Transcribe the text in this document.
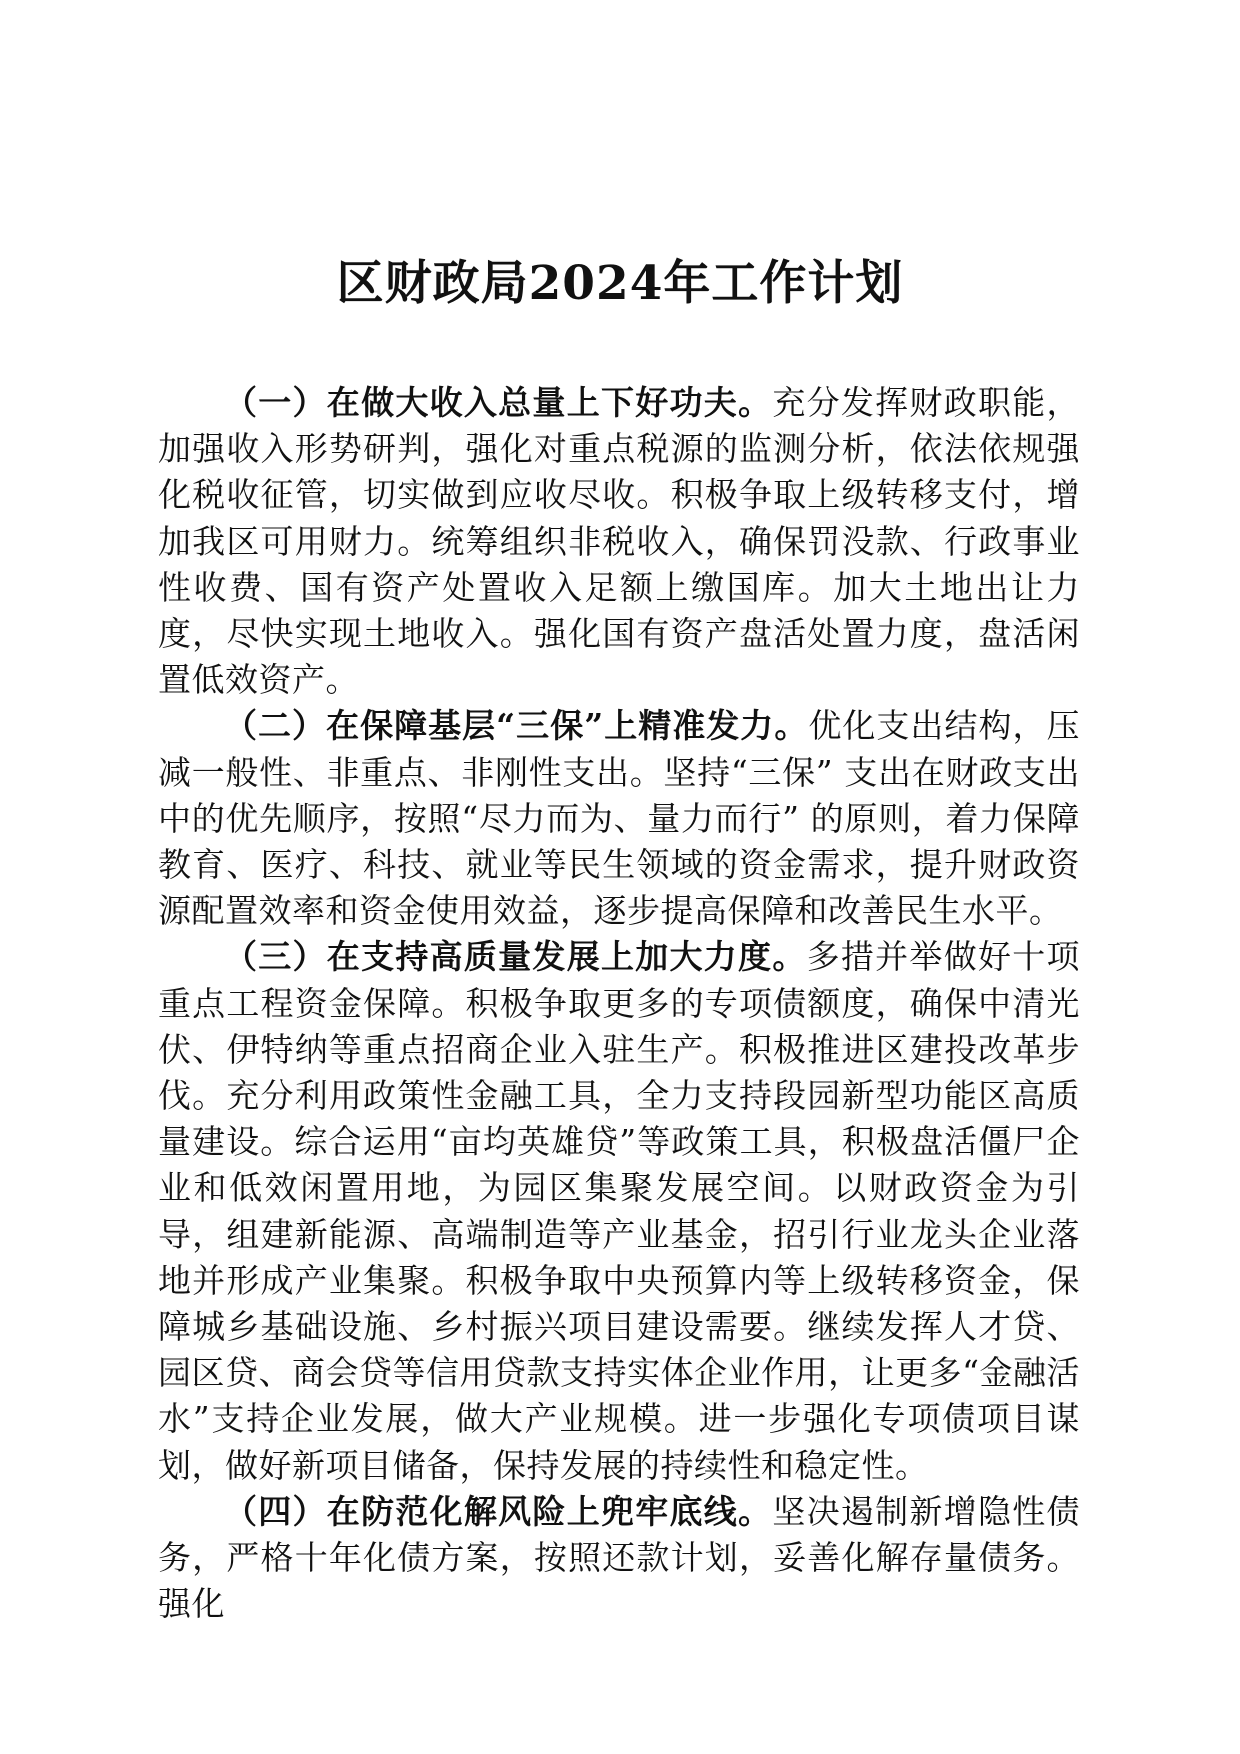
区财政局2024年工作计划

（一）在做大收入总量上下好功夫。充分发挥财政职能，加强收入形势研判，强化对重点税源的监测分析，依法依规强化税收征管，切实做到应收尽收。积极争取上级转移支付，增加我区可用财力。统筹组织非税收入，确保罚没款、行政事业性收费、国有资产处置收入足额上缴国库。加大土地出让力度，尽快实现土地收入。强化国有资产盘活处置力度，盘活闲置低效资产。

（二）在保障基层“三保”上精准发力。优化支出结构，压减一般性、非重点、非刚性支出。坚持“三保” 支出在财政支出中的优先顺序，按照“尽力而为、量力而行” 的原则，着力保障教育、医疗、科技、就业等民生领域的资金需求，提升财政资源配置效率和资金使用效益，逐步提高保障和改善民生水平。

（三）在支持高质量发展上加大力度。多措并举做好十项重点工程资金保障。积极争取更多的专项债额度，确保中清光伏、伊特纳等重点招商企业入驻生产。积极推进区建投改革步伐。充分利用政策性金融工具，全力支持段园新型功能区高质量建设。综合运用“亩均英雄贷”等政策工具，积极盘活僵尸企业和低效闲置用地，为园区集聚发展空间。以财政资金为引导，组建新能源、高端制造等产业基金，招引行业龙头企业落地并形成产业集聚。积极争取中央预算内等上级转移资金，保障城乡基础设施、乡村振兴项目建设需要。继续发挥人才贷、园区贷、商会贷等信用贷款支持实体企业作用，让更多“金融活水”支持企业发展，做大产业规模。进一步强化专项债项目谋划，做好新项目储备，保持发展的持续性和稳定性。

（四）在防范化解风险上兜牢底线。坚决遏制新增隐性债务，严格十年化债方案，按照还款计划，妥善化解存量债务。强化
